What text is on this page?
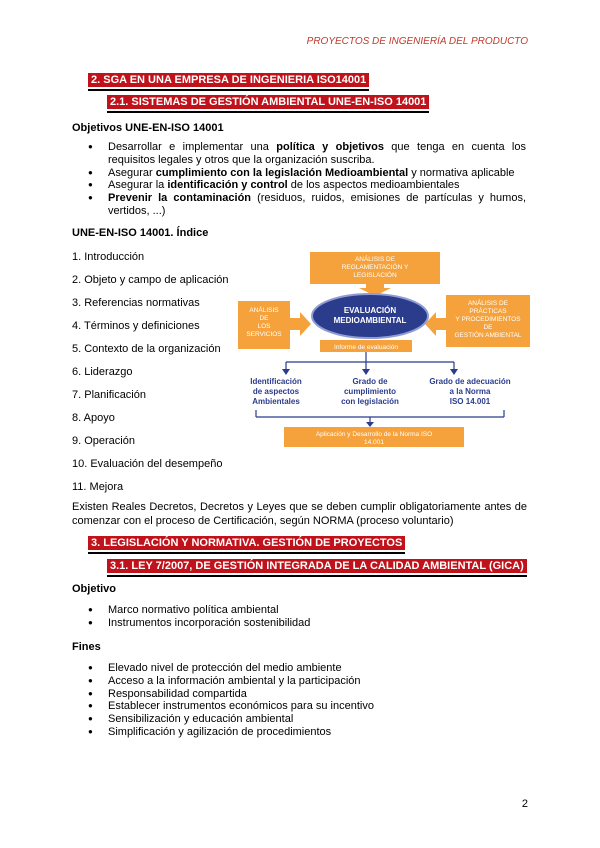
PROYECTOS DE INGENIERÍA DEL PRODUCTO
2. SGA EN UNA EMPRESA DE INGENIERIA ISO14001
2.1. SISTEMAS DE GESTIÓN AMBIENTAL UNE-EN-ISO 14001
Objetivos UNE-EN-ISO 14001
● Desarrollar e implementar una política y objetivos que tenga en cuenta los requisitos legales y otros que la organización suscriba.
● Asegurar cumplimiento con la legislación Medioambiental y normativa aplicable
● Asegurar la identificación y control de los aspectos medioambientales
● Prevenir la contaminación (residuos, ruidos, emisiones de partículas y humos, vertidos, ...)
UNE-EN-ISO 14001. Índice
1. Introducción
2. Objeto y campo de aplicación
3. Referencias normativas
4. Términos y definiciones
5. Contexto de la organización
6. Liderazgo
7. Planificación
8. Apoyo
9. Operación
10. Evaluación del desempeño
11. Mejora
ANÁLISIS DE
REGLAMENTACIÓN Y
LEGISLACIÓN
ANÁLISIS
DE
LOS
SERVICIOS
ANÁLISIS DE
PRÁCTICAS
Y PROCEDIMIENTOS
DE
GESTIÓN AMBIENTAL
EVALUACIÓN
MEDIOAMBIENTAL
Informe de evaluación
Identificación
de aspectos
Ambientales
Grado de
cumplimiento
con legislación
Grado de adecuación
a la Norma
ISO 14.001
Aplicación y Desarrollo de la Norma ISO
14.001
Existen Reales Decretos, Decretos y Leyes que se deben cumplir obligatoriamente antes de comenzar con el proceso de Certificación, según NORMA (proceso voluntario)
3. LEGISLACIÓN Y NORMATIVA. GESTIÓN DE PROYECTOS
3.1. LEY 7/2007, DE GESTIÓN INTEGRADA DE LA CALIDAD AMBIENTAL (GICA)
Objetivo
● Marco normativo política ambiental
● Instrumentos incorporación sostenibilidad
Fines
● Elevado nivel de protección del medio ambiente
● Acceso a la información ambiental y la participación
● Responsabilidad compartida
● Establecer instrumentos económicos para su incentivo
● Sensibilización y educación ambiental
● Simplificación y agilización de procedimientos
2
